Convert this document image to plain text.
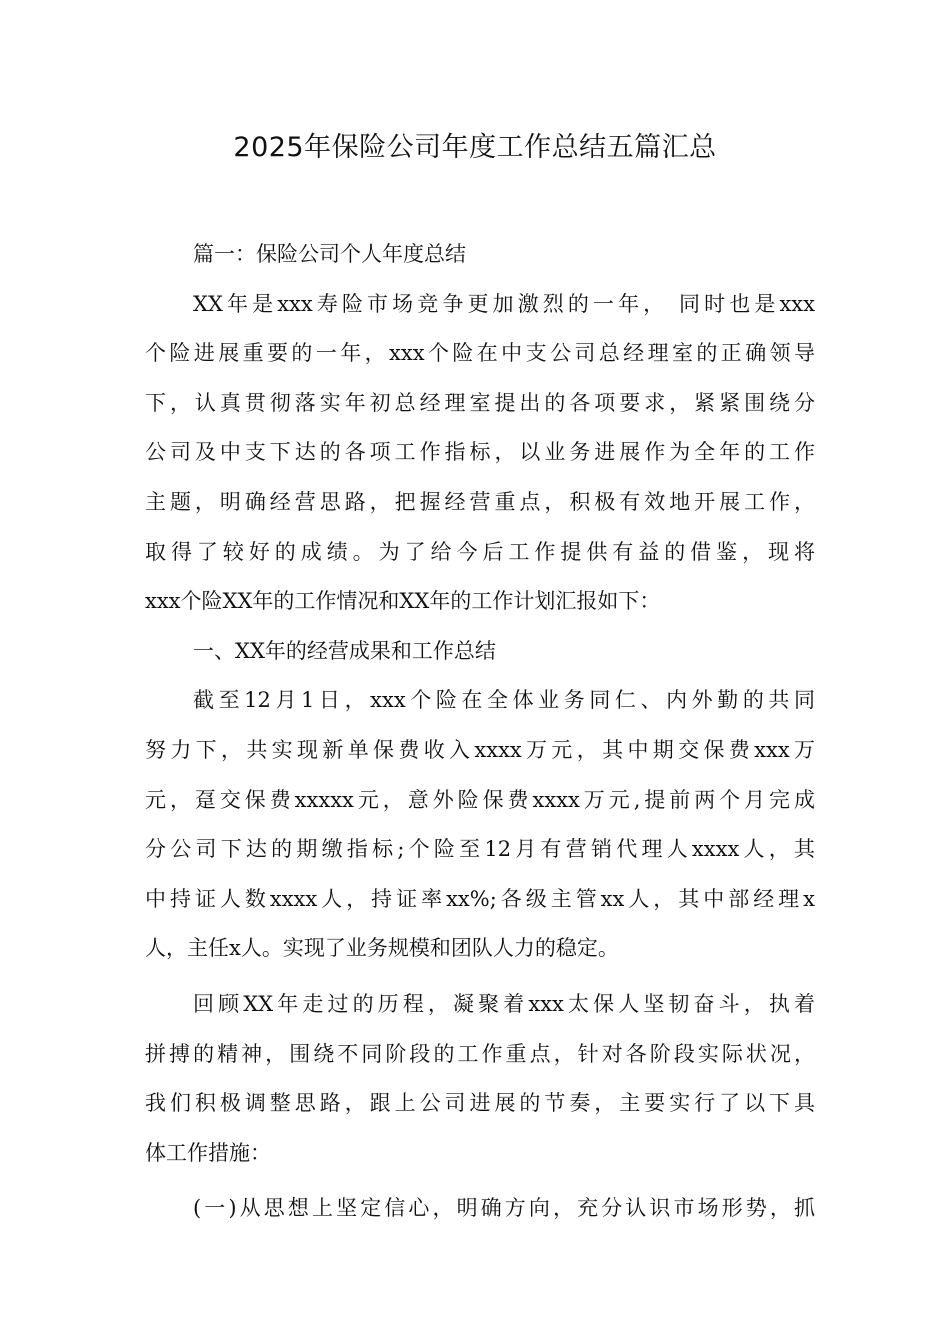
2025年保险公司年度工作总结五篇汇总
篇一：保险公司个人年度总结
XX年是xxx寿险市场竞争更加激烈的一年， 同时也是xxx
个险进展重要的一年，xxx个险在中支公司总经理室的正确领导
下，认真贯彻落实年初总经理室提出的各项要求，紧紧围绕分
公司及中支下达的各项工作指标，以业务进展作为全年的工作
主题，明确经营思路，把握经营重点，积极有效地开展工作，
取得了较好的成绩。为了给今后工作提供有益的借鉴，现将
xxx个险XX年的工作情况和XX年的工作计划汇报如下：
一、XX年的经营成果和工作总结
截至12月1日，xxx个险在全体业务同仁、内外勤的共同
努力下，共实现新单保费收入xxxx万元，其中期交保费xxx万
元，趸交保费xxxxx元，意外险保费xxxx万元,提前两个月完成
分公司下达的期缴指标;个险至12月有营销代理人xxxx人，其
中持证人数xxxx人，持证率xx%;各级主管xx人，其中部经理x
人，主任x人。实现了业务规模和团队人力的稳定。
回顾XX年走过的历程，凝聚着xxx太保人坚韧奋斗，执着
拼搏的精神，围绕不同阶段的工作重点，针对各阶段实际状况，
我们积极调整思路，跟上公司进展的节奏，主要实行了以下具
体工作措施：
(一)从思想上坚定信心，明确方向，充分认识市场形势，抓
